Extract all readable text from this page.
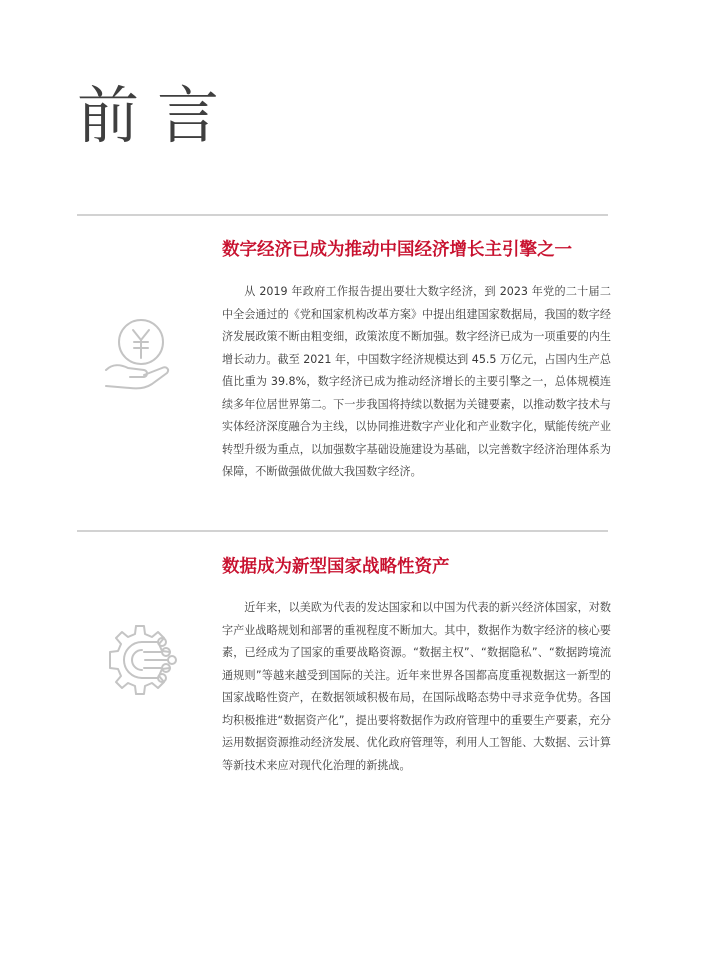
前言
数字经济已成为推动中国经济增长主引擎之一

从 2019 年政府工作报告提出要壮大数字经济，到 2023 年党的二十届二中全会通过的《党和国家机构改革方案》中提出组建国家数据局，我国的数字经济发展政策不断由粗变细，政策浓度不断加强。数字经济已成为一项重要的内生增长动力。截至 2021 年，中国数字经济规模达到 45.5 万亿元，占国内生产总值比重为 39.8%，数字经济已成为推动经济增长的主要引擎之一，总体规模连续多年位居世界第二。下一步我国将持续以数据为关键要素，以推动数字技术与实体经济深度融合为主线，以协同推进数字产业化和产业数字化，赋能传统产业转型升级为重点，以加强数字基础设施建设为基础，以完善数字经济治理体系为保障，不断做强做优做大我国数字经济。

数据成为新型国家战略性资产

近年来，以美欧为代表的发达国家和以中国为代表的新兴经济体国家，对数字产业战略规划和部署的重视程度不断加大。其中，数据作为数字经济的核心要素，已经成为了国家的重要战略资源。“数据主权”、“数据隐私”、“数据跨境流通规则”等越来越受到国际的关注。近年来世界各国都高度重视数据这一新型的国家战略性资产，在数据领域积极布局，在国际战略态势中寻求竞争优势。各国均积极推进“数据资产化”，提出要将数据作为政府管理中的重要生产要素，充分运用数据资源推动经济发展、优化政府管理等，利用人工智能、大数据、云计算等新技术来应对现代化治理的新挑战。
